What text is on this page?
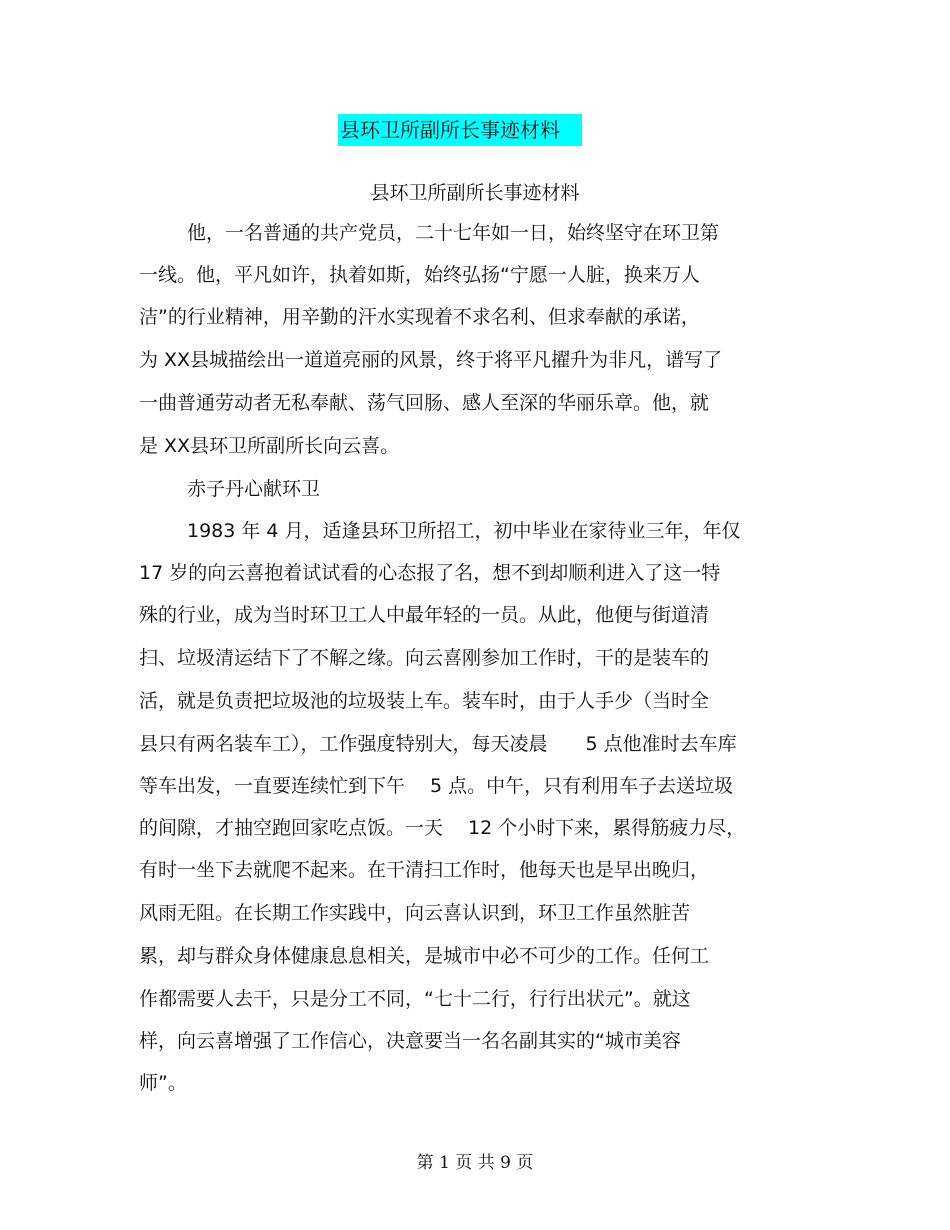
县环卫所副所长事迹材料
县环卫所副所长事迹材料
他，一名普通的共产党员，二十七年如一日，始终坚守在环卫第
一线。他，平凡如许，执着如斯，始终弘扬“宁愿一人脏，换来万人
洁”的行业精神，用辛勤的汗水实现着不求名利、但求奉献的承诺，
为 XX县城描绘出一道道亮丽的风景，终于将平凡擢升为非凡，谱写了
一曲普通劳动者无私奉献、荡气回肠、感人至深的华丽乐章。他，就
是 XX县环卫所副所长向云喜。
赤子丹心献环卫
1983 年 4 月，适逢县环卫所招工，初中毕业在家待业三年，年仅
17 岁的向云喜抱着试试看的心态报了名，想不到却顺利进入了这一特
殊的行业，成为当时环卫工人中最年轻的一员。从此，他便与街道清
扫、垃圾清运结下了不解之缘。向云喜刚参加工作时，干的是装车的
活，就是负责把垃圾池的垃圾装上车。装车时，由于人手少（当时全
县只有两名装车工），工作强度特别大，每天凌晨　　5 点他准时去车库
等车出发，一直要连续忙到下午　 5 点。中午，只有利用车子去送垃圾
的间隙，才抽空跑回家吃点饭。一天　 12 个小时下来，累得筋疲力尽，
有时一坐下去就爬不起来。在干清扫工作时，他每天也是早出晚归，
风雨无阻。在长期工作实践中，向云喜认识到，环卫工作虽然脏苦
累，却与群众身体健康息息相关，是城市中必不可少的工作。任何工
作都需要人去干，只是分工不同，“七十二行，行行出状元”。就这
样，向云喜增强了工作信心，决意要当一名名副其实的“城市美容
师”。
第 1 页 共 9 页
